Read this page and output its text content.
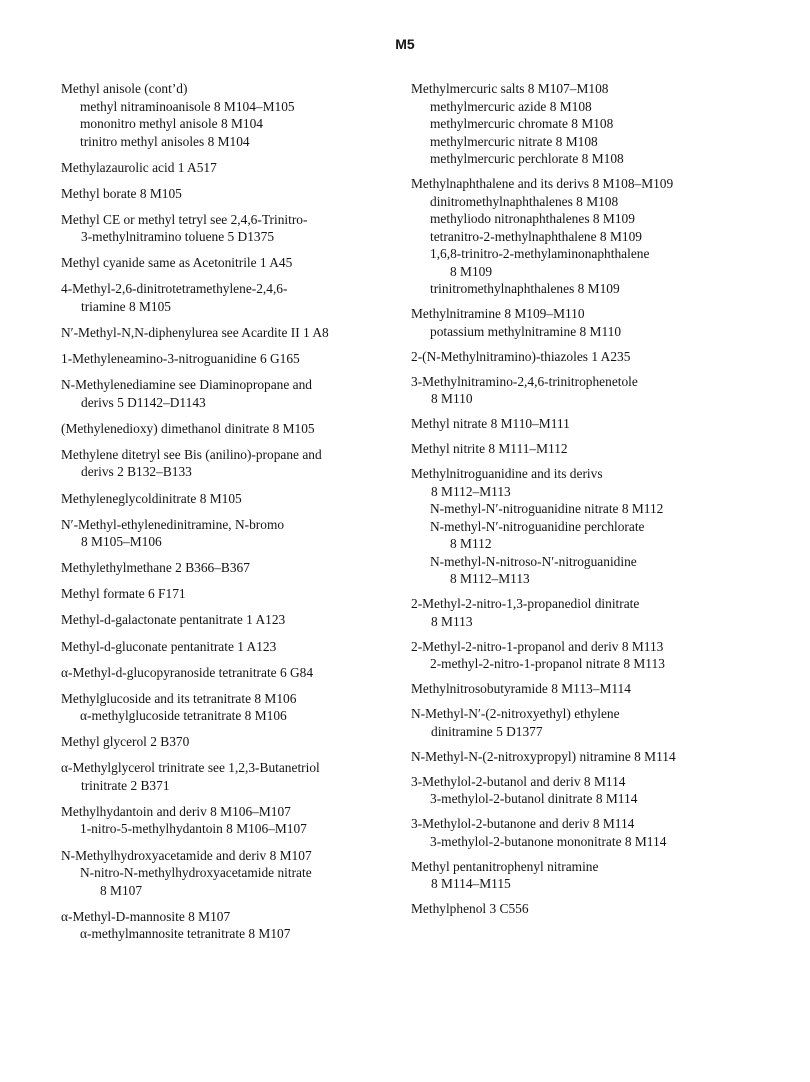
M5
Methyl anisole (cont’d)
methyl nitraminoanisole 8 M104–M105
mononitro methyl anisole 8 M104
trinitro methyl anisoles 8 M104
Methylazaurolic acid 1 A517
Methyl borate 8 M105
Methyl CE or methyl tetryl see 2,4,6-Trinitro-
3-methylnitramino toluene 5 D1375
Methyl cyanide same as Acetonitrile 1 A45
4-Methyl-2,6-dinitrotetramethylene-2,4,6-
triamine 8 M105
N′-Methyl-N,N-diphenylurea see Acardite II 1 A8
1-Methyleneamino-3-nitroguanidine 6 G165
N-Methylenediamine see Diaminopropane and
derivs 5 D1142–D1143
(Methylenedioxy) dimethanol dinitrate 8 M105
Methylene ditetryl see Bis (anilino)-propane and
derivs 2 B132–B133
Methyleneglycoldinitrate 8 M105
N′-Methyl-ethylenedinitramine, N-bromo
8 M105–M106
Methylethylmethane 2 B366–B367
Methyl formate 6 F171
Methyl-d-galactonate pentanitrate 1 A123
Methyl-d-gluconate pentanitrate 1 A123
α-Methyl-d-glucopyranoside tetranitrate 6 G84
Methylglucoside and its tetranitrate 8 M106
α-methylglucoside tetranitrate 8 M106
Methyl glycerol 2 B370
α-Methylglycerol trinitrate see 1,2,3-Butanetriol
trinitrate 2 B371
Methylhydantoin and deriv 8 M106–M107
1-nitro-5-methylhydantoin 8 M106–M107
N-Methylhydroxyacetamide and deriv 8 M107
N-nitro-N-methylhydroxyacetamide nitrate
8 M107
α-Methyl-D-mannosite 8 M107
α-methylmannosite tetranitrate 8 M107
Methylmercuric salts 8 M107–M108
methylmercuric azide 8 M108
methylmercuric chromate 8 M108
methylmercuric nitrate 8 M108
methylmercuric perchlorate 8 M108
Methylnaphthalene and its derivs 8 M108–M109
dinitromethylnaphthalenes 8 M108
methyliodo nitronaphthalenes 8 M109
tetranitro-2-methylnaphthalene 8 M109
1,6,8-trinitro-2-methylaminonaphthalene
8 M109
trinitromethylnaphthalenes 8 M109
Methylnitramine 8 M109–M110
potassium methylnitramine 8 M110
2-(N-Methylnitramino)-thiazoles 1 A235
3-Methylnitramino-2,4,6-trinitrophenetole
8 M110
Methyl nitrate 8 M110–M111
Methyl nitrite 8 M111–M112
Methylnitroguanidine and its derivs
8 M112–M113
N-methyl-N′-nitroguanidine nitrate 8 M112
N-methyl-N′-nitroguanidine perchlorate
8 M112
N-methyl-N-nitroso-N′-nitroguanidine
8 M112–M113
2-Methyl-2-nitro-1,3-propanediol dinitrate
8 M113
2-Methyl-2-nitro-1-propanol and deriv 8 M113
2-methyl-2-nitro-1-propanol nitrate 8 M113
Methylnitrosobutyramide 8 M113–M114
N-Methyl-N′-(2-nitroxyethyl) ethylene
dinitramine 5 D1377
N-Methyl-N-(2-nitroxypropyl) nitramine 8 M114
3-Methylol-2-butanol and deriv 8 M114
3-methylol-2-butanol dinitrate 8 M114
3-Methylol-2-butanone and deriv 8 M114
3-methylol-2-butanone mononitrate 8 M114
Methyl pentanitrophenyl nitramine
8 M114–M115
Methylphenol 3 C556
